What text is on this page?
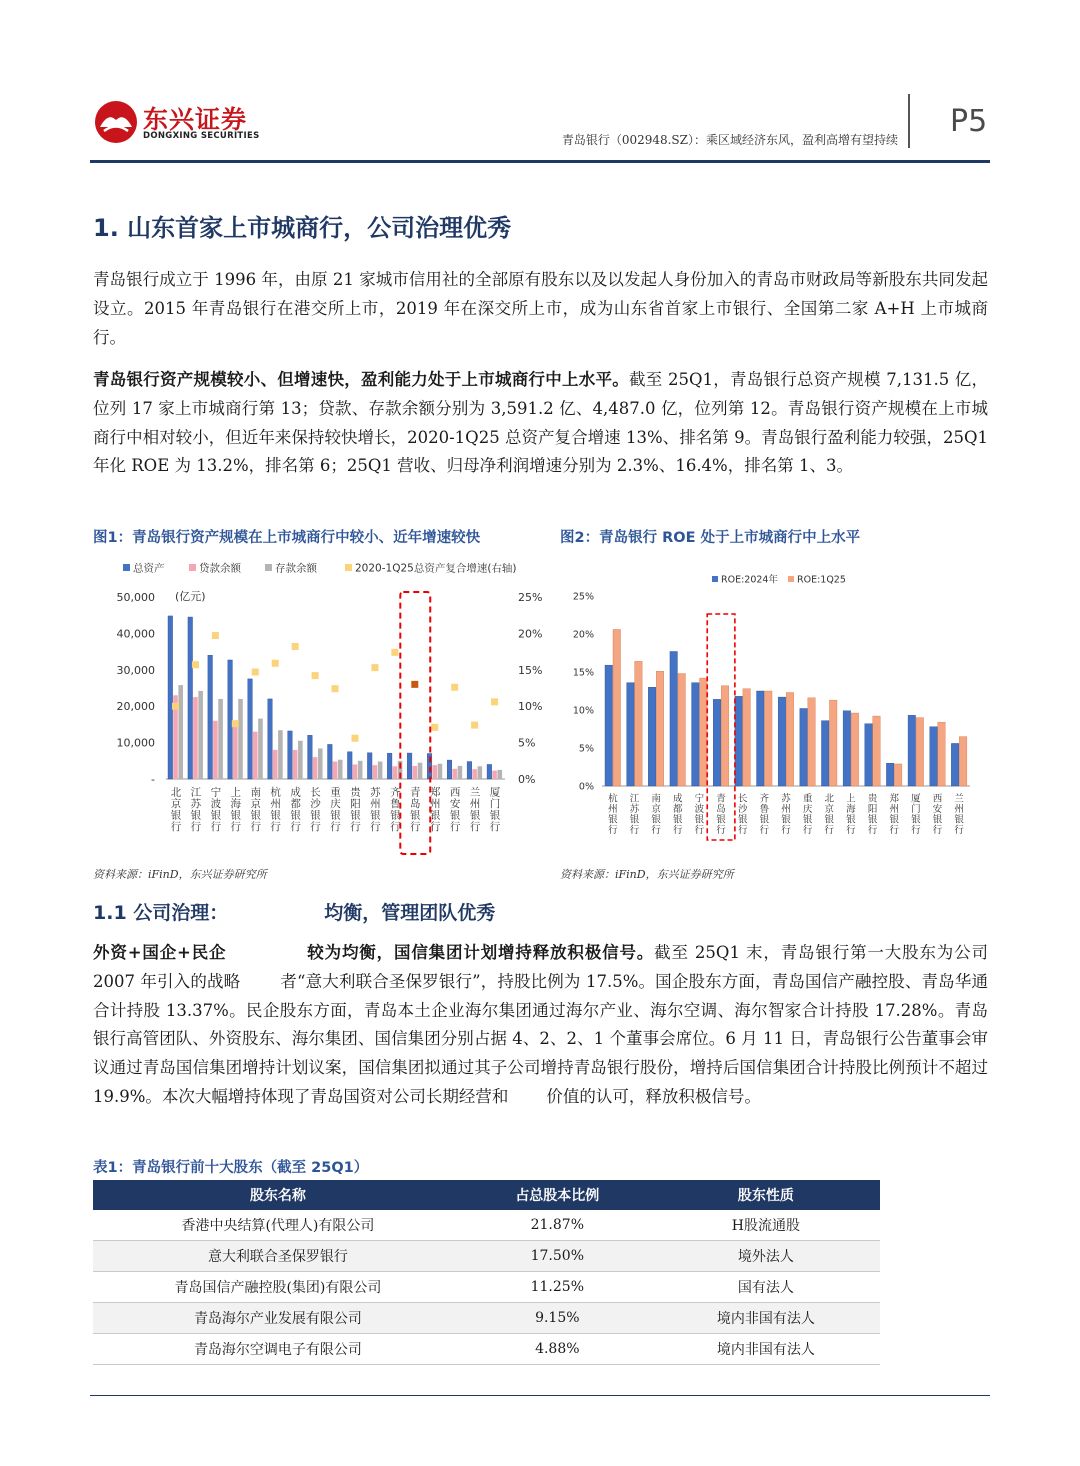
东兴证券
DONGXING SECURITIES	青岛银行（002948.SZ）：乘区域经济东风，盈利高增有望持续
P5
1. 山东首家上市城商行，公司治理优秀

青岛银行成立于 1996 年，由原 21 家城市信用社的全部原有股东以及以发起人身份加入的青岛市财政局等新股东共同发起设立。2015 年青岛银行在港交所上市，2019 年在深交所上市，成为山东省首家上市银行、全国第二家 A+H 上市城商行。

青岛银行资产规模较小、但增速快，盈利能力处于上市城商行中上水平。截至 25Q1，青岛银行总资产规模 7,131.5 亿，位列 17 家上市城商行第 13；贷款、存款余额分别为 3,591.2 亿、4,487.0 亿，位列第 12。青岛银行资产规模在上市城商行中相对较小，但近年来保持较快增长，2020-1Q25 总资产复合增速 13%、排名第 9。青岛银行盈利能力较强，25Q1 年化 ROE 为 13.2%，排名第 6；25Q1 营收、归母净利润增速分别为 2.3%、16.4%，排名第 1、3。

图1：青岛银行资产规模在上市城商行中较小、近年增速较快	图2：青岛银行 ROE 处于上市城商行中上水平
总资产	贷款余额	存款余额	2020-1Q25总资产复合增速(右轴)
(亿元)
50,000
40,000
30,000
20,000
10,000
-
25%
20%
15%
10%
5%
0%
北京银行
江苏银行
宁波银行
上海银行
南京银行
杭州银行
成都银行
长沙银行
重庆银行
贵阳银行
苏州银行
齐鲁银行
青岛银行
郑州银行
西安银行
兰州银行
厦门银行
ROE:2024年 ROE:1Q25
25%
20%
15%
10%
5%
0%
杭州银行
江苏银行
南京银行
成都银行
宁波银行
青岛银行
长沙银行
齐鲁银行
苏州银行
重庆银行
北京银行
上海银行
贵阳银行
郑州银行
厦门银行
西安银行
兰州银行
资料来源：iFinD，东兴证券研究所	资料来源：iFinD，东兴证券研究所
1.1 公司治理：	均衡，管理团队优秀

外资+国企+民企	较为均衡，国信集团计划增持释放积极信号。截至 25Q1 末，青岛银行第一大股东为公司 2007 年引入的战略 者“意大利联合圣保罗银行”，持股比例为 17.5%。国企股东方面，青岛国信产融控股、青岛华通合计持股 13.37%。民企股东方面，青岛本土企业海尔集团通过海尔产业、海尔空调、海尔智家合计持股 17.28%。青岛银行高管团队、外资股东、海尔集团、国信集团分别占据 4、2、2、1 个董事会席位。6 月 11 日，青岛银行公告董事会审议通过青岛国信集团增持计划议案，国信集团拟通过其子公司增持青岛银行股份，增持后国信集团合计持股比例预计不超过 19.9%。本次大幅增持体现了青岛国资对公司长期经营和 价值的认可，释放积极信号。

表1：青岛银行前十大股东（截至 25Q1）
股东名称	占总股本比例	股东性质
香港中央结算(代理人)有限公司	21.87%	H股流通股
意大利联合圣保罗银行	17.50%	境外法人
青岛国信产融控股(集团)有限公司	11.25%	国有法人
青岛海尔产业发展有限公司	9.15%	境内非国有法人
青岛海尔空调电子有限公司	4.88%	境内非国有法人
